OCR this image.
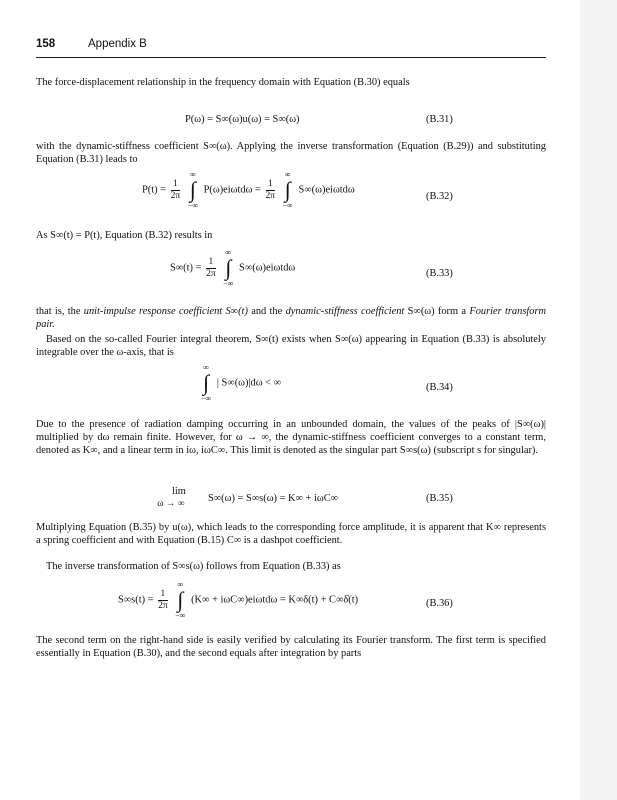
158	Appendix B
The force-displacement relationship in the frequency domain with Equation (B.30) equals
P(ω) = S∞(ω)u(ω) = S∞(ω)	(B.31)
with the dynamic-stiffness coefficient S∞(ω). Applying the inverse transformation (Equation (B.29)) and substituting Equation (B.31) leads to
$P(t) = \frac{1}{2\pi}$

∞
∫
−∞
$P(\omega)ei\omega td\omega = \frac{1}{2\pi}$

∞
∫
−∞
S∞(ω)eiωtdω
(B.32)
As S∞(t) = P(t), Equation (B.32) results in
$S\infty(t) = \frac{1}{2\pi}$

∞
∫
−∞
S∞(ω)eiωtdω
(B.33)
that is, the unit-impulse response coefficient S∞(t) and the dynamic-stiffness coefficient S∞(ω) form a Fourier transform pair.
Based on the so-called Fourier integral theorem, S∞(t) exists when S∞(ω) appearing in Equation (B.33) is absolutely integrable over the ω-axis, that is
∞
∫
−∞
| S∞(ω)|dω < ∞	(B.34)
Due to the presence of radiation damping occurring in an unbounded domain, the values of the peaks of |S∞(ω)| multiplied by dω remain finite. However, for ω → ∞, the dynamic-stiffness coefficient converges to a constant term, denoted as K∞, and a linear term in iω, iωC∞. This limit is denoted as the singular part S∞s(ω) (subscript s for singular).
lim
ω → ∞ S∞(ω) = S∞s(ω) = K∞ + iωC∞	(B.35)
Multiplying Equation (B.35) by u(ω), which leads to the corresponding force amplitude, it is apparent that K∞ represents a spring coefficient and with Equation (B.15) C∞ is a dashpot coefficient.
The inverse transformation of S∞s(ω) follows from Equation (B.33) as
$S\infty s(t) = \frac{1}{2\pi}$

∞
∫
−∞
(K∞ + iωC∞)eiωtdω = K∞δ(t) + C∞δ̇(t)	(B.36)
The second term on the right-hand side is easily verified by calculating its Fourier transform. The first term is specified essentially in Equation (B.30), and the second equals after integration by parts
